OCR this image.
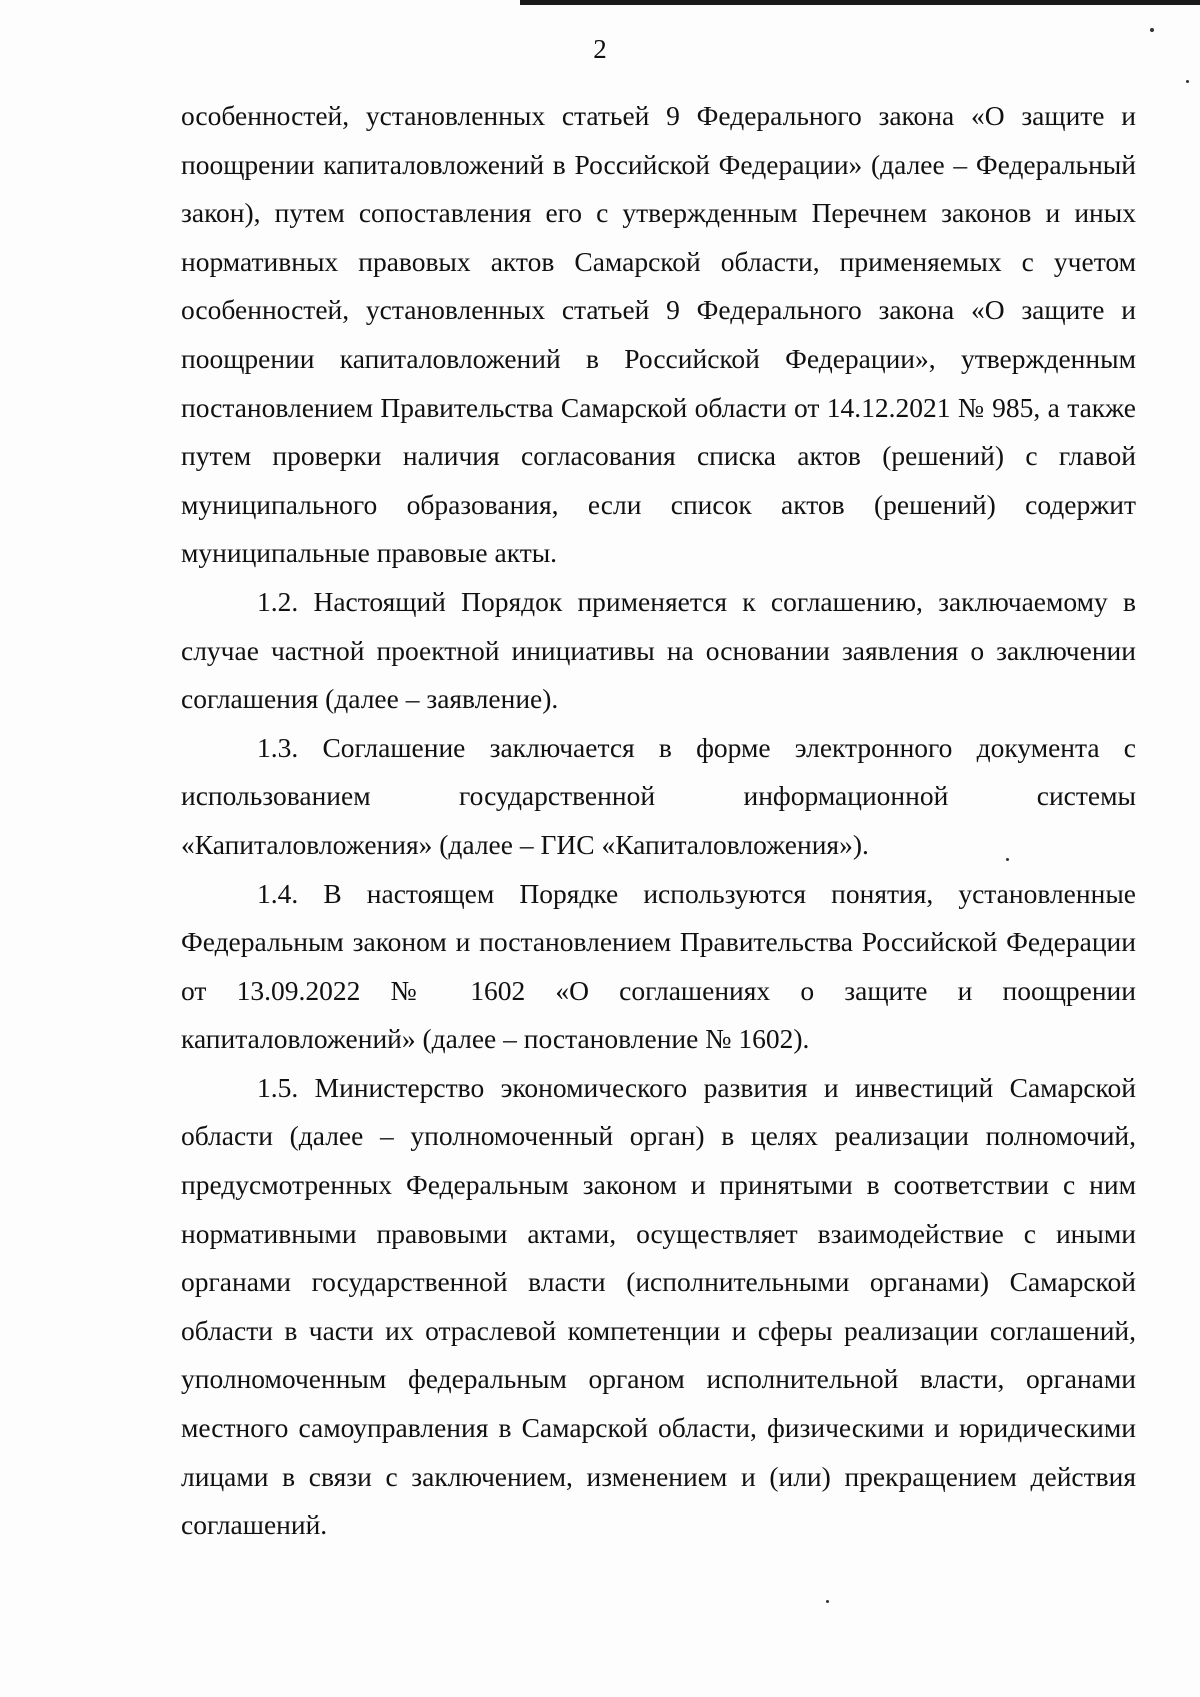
2

особенностей, установленных статьей 9 Федерального закона «О защите и поощрении капиталовложений в Российской Федерации» (далее – Федеральный закон), путем сопоставления его с утвержденным Перечнем законов и иных нормативных правовых актов Самарской области, применяемых с учетом особенностей, установленных статьей 9 Федерального закона «О защите и поощрении капиталовложений в Российской Федерации», утвержденным постановлением Правительства Самарской области от 14.12.2021 № 985, а также путем проверки наличия согласования списка актов (решений) с главой муниципального образования, если список актов (решений) содержит муниципальные правовые акты.

1.2. Настоящий Порядок применяется к соглашению, заключаемому в случае частной проектной инициативы на основании заявления о заключении соглашения (далее – заявление).

1.3. Соглашение заключается в форме электронного документа с использованием государственной информационной системы «Капиталовложения» (далее – ГИС «Капиталовложения»).

1.4. В настоящем Порядке используются понятия, установленные Федеральным законом и постановлением Правительства Российской Федерации от 13.09.2022 № 1602 «О соглашениях о защите и поощрении капиталовложений» (далее – постановление № 1602).

1.5. Министерство экономического развития и инвестиций Самарской области (далее – уполномоченный орган) в целях реализации полномочий, предусмотренных Федеральным законом и принятыми в соответствии с ним нормативными правовыми актами, осуществляет взаимодействие с иными органами государственной власти (исполнительными органами) Самарской области в части их отраслевой компетенции и сферы реализации соглашений, уполномоченным федеральным органом исполнительной власти, органами местного самоуправления в Самарской области, физическими и юридическими лицами в связи с заключением, изменением и (или) прекращением действия соглашений.
